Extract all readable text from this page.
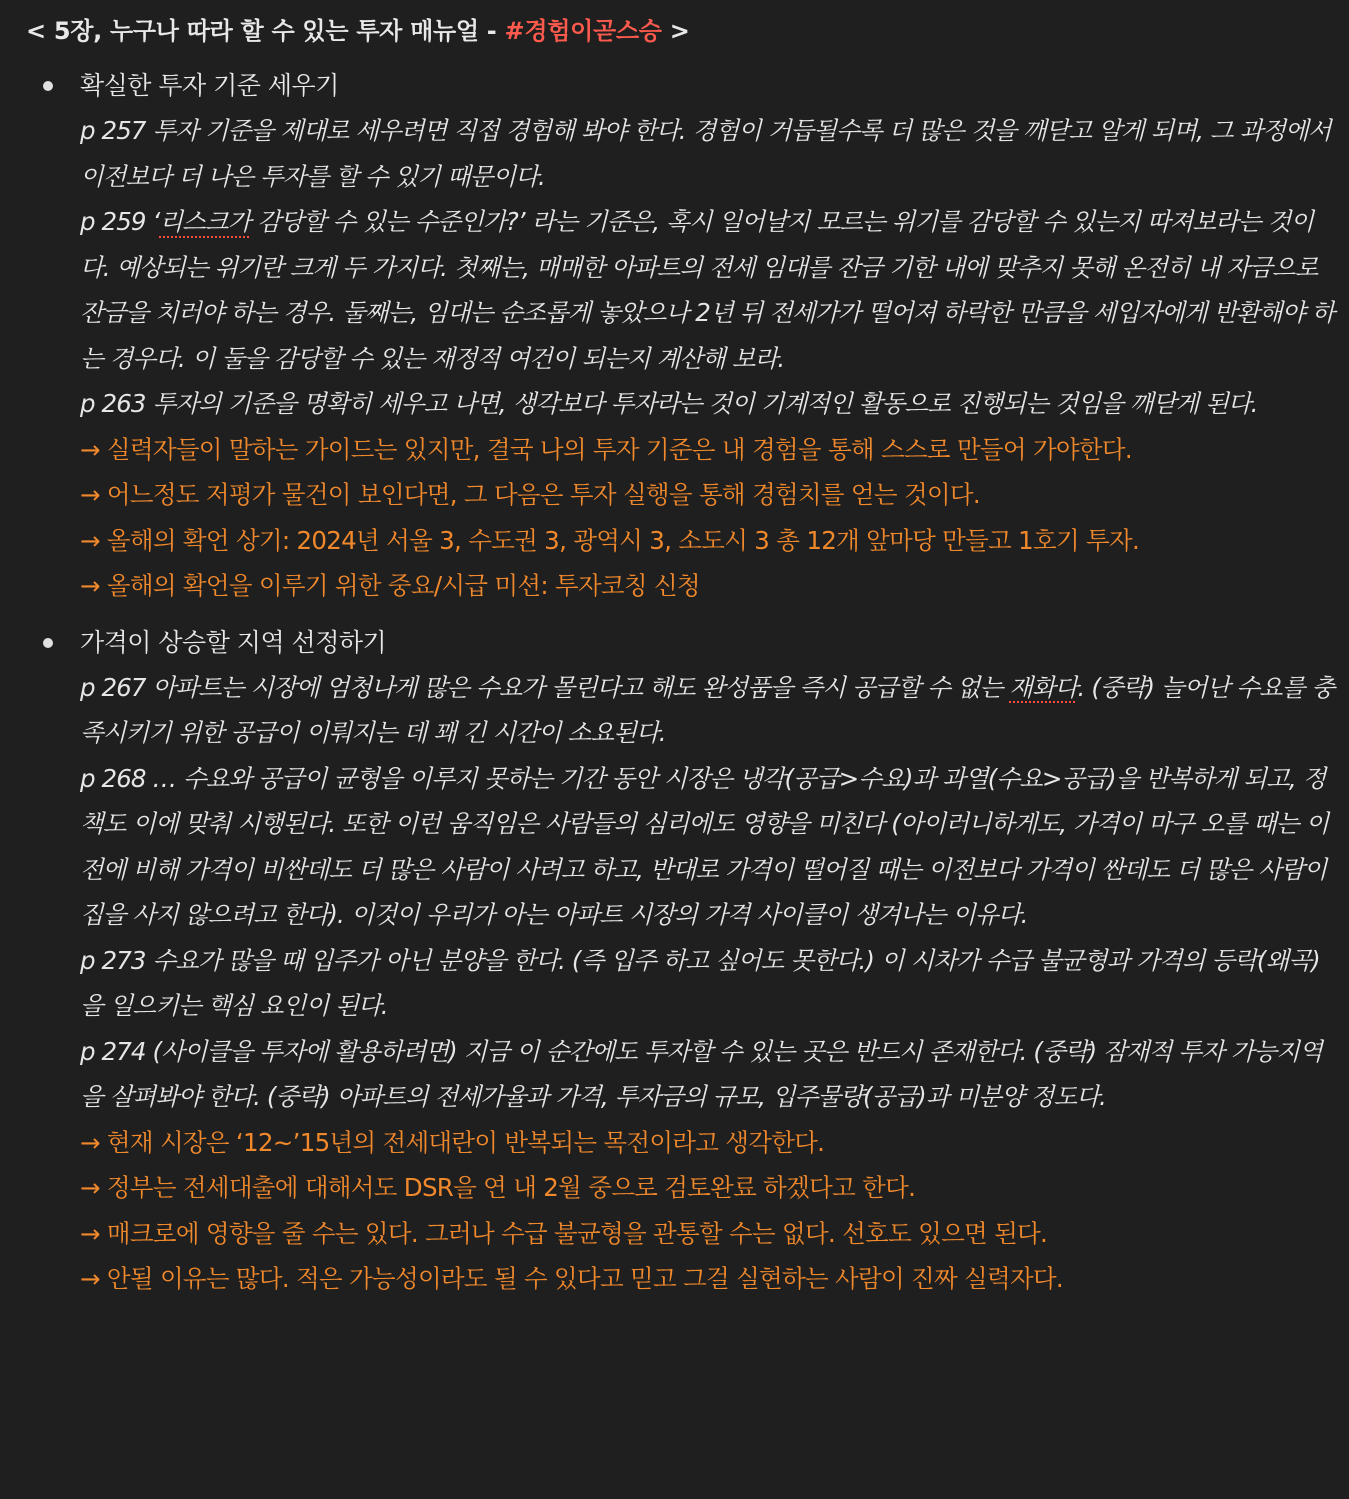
< 5장, 누구나 따라 할 수 있는 투자 매뉴얼 - #경험이곧스승 >
확실한 투자 기준 세우기

p 257 투자 기준을 제대로 세우려면 직접 경험해 봐야 한다. 경험이 거듭될수록 더 많은 것을 깨닫고 알게 되며, 그 과정에서 이전보다 더 나은 투자를 할 수 있기 때문이다.

p 259 ‘리스크가 감당할 수 있는 수준인가?’ 라는 기준은, 혹시 일어날지 모르는 위기를 감당할 수 있는지 따져보라는 것이다. 예상되는 위기란 크게 두 가지다. 첫째는, 매매한 아파트의 전세 임대를 잔금 기한 내에 맞추지 못해 온전히 내 자금으로 잔금을 치러야 하는 경우. 둘째는, 임대는 순조롭게 놓았으나 2년 뒤 전세가가 떨어져 하락한 만큼을 세입자에게 반환해야 하는 경우다. 이 둘을 감당할 수 있는 재정적 여건이 되는지 계산해 보라.

p 263 투자의 기준을 명확히 세우고 나면, 생각보다 투자라는 것이 기계적인 활동으로 진행되는 것임을 깨닫게 된다.

→ 실력자들이 말하는 가이드는 있지만, 결국 나의 투자 기준은 내 경험을 통해 스스로 만들어 가야한다.

→ 어느정도 저평가 물건이 보인다면, 그 다음은 투자 실행을 통해 경험치를 얻는 것이다.

→ 올해의 확언 상기: 2024년 서울 3, 수도권 3, 광역시 3, 소도시 3 총 12개 앞마당 만들고 1호기 투자.

→ 올해의 확언을 이루기 위한 중요/시급 미션: 투자코칭 신청

가격이 상승할 지역 선정하기

p 267 아파트는 시장에 엄청나게 많은 수요가 몰린다고 해도 완성품을 즉시 공급할 수 없는 재화다. (중략) 늘어난 수요를 충족시키기 위한 공급이 이뤄지는 데 꽤 긴 시간이 소요된다.

p 268 … 수요와 공급이 균형을 이루지 못하는 기간 동안 시장은 냉각(공급>수요)과 과열(수요>공급)을 반복하게 되고, 정책도 이에 맞춰 시행된다. 또한 이런 움직임은 사람들의 심리에도 영향을 미친다 (아이러니하게도, 가격이 마구 오를 때는 이전에 비해 가격이 비싼데도 더 많은 사람이 사려고 하고, 반대로 가격이 떨어질 때는 이전보다 가격이 싼데도 더 많은 사람이 집을 사지 않으려고 한다). 이것이 우리가 아는 아파트 시장의 가격 사이클이 생겨나는 이유다.

p 273 수요가 많을 때 입주가 아닌 분양을 한다. (즉 입주 하고 싶어도 못한다.) 이 시차가 수급 불균형과 가격의 등락(왜곡)을 일으키는 핵심 요인이 된다.

p 274 (사이클을 투자에 활용하려면) 지금 이 순간에도 투자할 수 있는 곳은 반드시 존재한다. (중략) 잠재적 투자 가능지역을 살펴봐야 한다. (중략) 아파트의 전세가율과 가격, 투자금의 규모, 입주물량(공급)과 미분양 정도다.

→ 현재 시장은 ‘12~’15년의 전세대란이 반복되는 목전이라고 생각한다.

→ 정부는 전세대출에 대해서도 DSR을 연 내 2월 중으로 검토완료 하겠다고 한다.

→ 매크로에 영향을 줄 수는 있다. 그러나 수급 불균형을 관통할 수는 없다. 선호도 있으면 된다.

→ 안될 이유는 많다. 적은 가능성이라도 될 수 있다고 믿고 그걸 실현하는 사람이 진짜 실력자다.
